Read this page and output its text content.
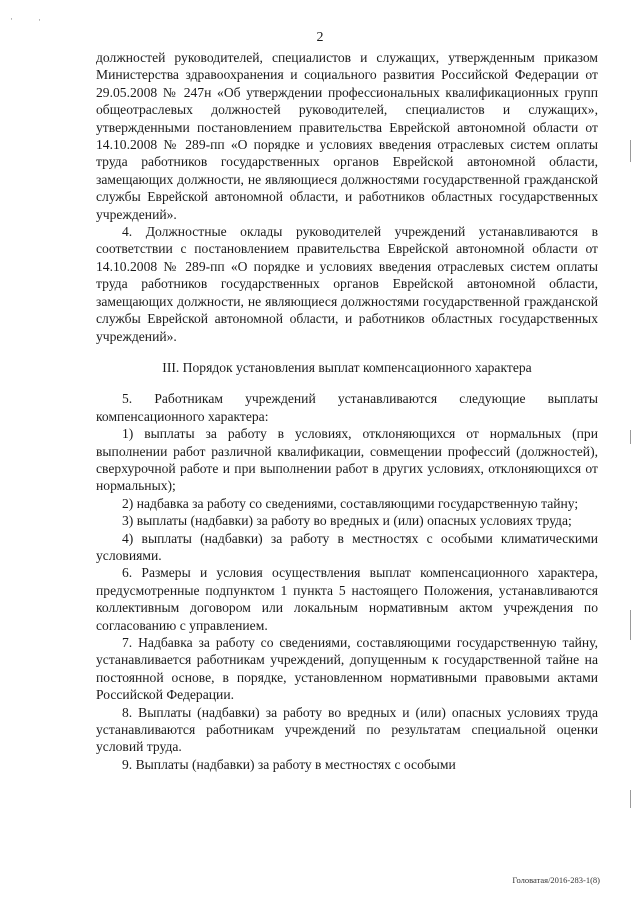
·	·
2

должностей руководителей, специалистов и служащих, утвержденным приказом Министерства здравоохранения и социального развития Российской Федерации от 29.05.2008 № 247н «Об утверждении профессиональных квалификационных групп общеотраслевых должностей руководителей, специалистов и служащих», утвержденными постановлением правительства Еврейской автономной области от 14.10.2008 № 289-пп «О порядке и условиях введения отраслевых систем оплаты труда работников государственных органов Еврейской автономной области, замещающих должности, не являющиеся должностями государственной гражданской службы Еврейской автономной области, и работников областных государственных учреждений».

4. Должностные оклады руководителей учреждений устанавливаются в соответствии с постановлением правительства Еврейской автономной области от 14.10.2008 № 289-пп «О порядке и условиях введения отраслевых систем оплаты труда работников государственных органов Еврейской автономной области, замещающих должности, не являющиеся должностями государственной гражданской службы Еврейской автономной области, и работников областных государственных учреждений».

III. Порядок установления выплат компенсационного характера

5. Работникам учреждений устанавливаются следующие выплаты компенсационного характера:

1) выплаты за работу в условиях, отклоняющихся от нормальных (при выполнении работ различной квалификации, совмещении профессий (должностей), сверхурочной работе и при выполнении работ в других условиях, отклоняющихся от нормальных);

2) надбавка за работу со сведениями, составляющими государственную тайну;

3) выплаты (надбавки) за работу во вредных и (или) опасных условиях труда;

4) выплаты (надбавки) за работу в местностях с особыми климатическими условиями.

6. Размеры и условия осуществления выплат компенсационного характера, предусмотренные подпунктом 1 пункта 5 настоящего Положения, устанавливаются коллективным договором или локальным нормативным актом учреждения по согласованию с управлением.

7. Надбавка за работу со сведениями, составляющими государственную тайну, устанавливается работникам учреждений, допущенным к государственной тайне на постоянной основе, в порядке, установленном нормативными правовыми актами Российской Федерации.

8. Выплаты (надбавки) за работу во вредных и (или) опасных условиях труда устанавливаются работникам учреждений по результатам специальной оценки условий труда.

9. Выплаты (надбавки) за работу в местностях с особыми

Головатая/2016-283-1(8)
